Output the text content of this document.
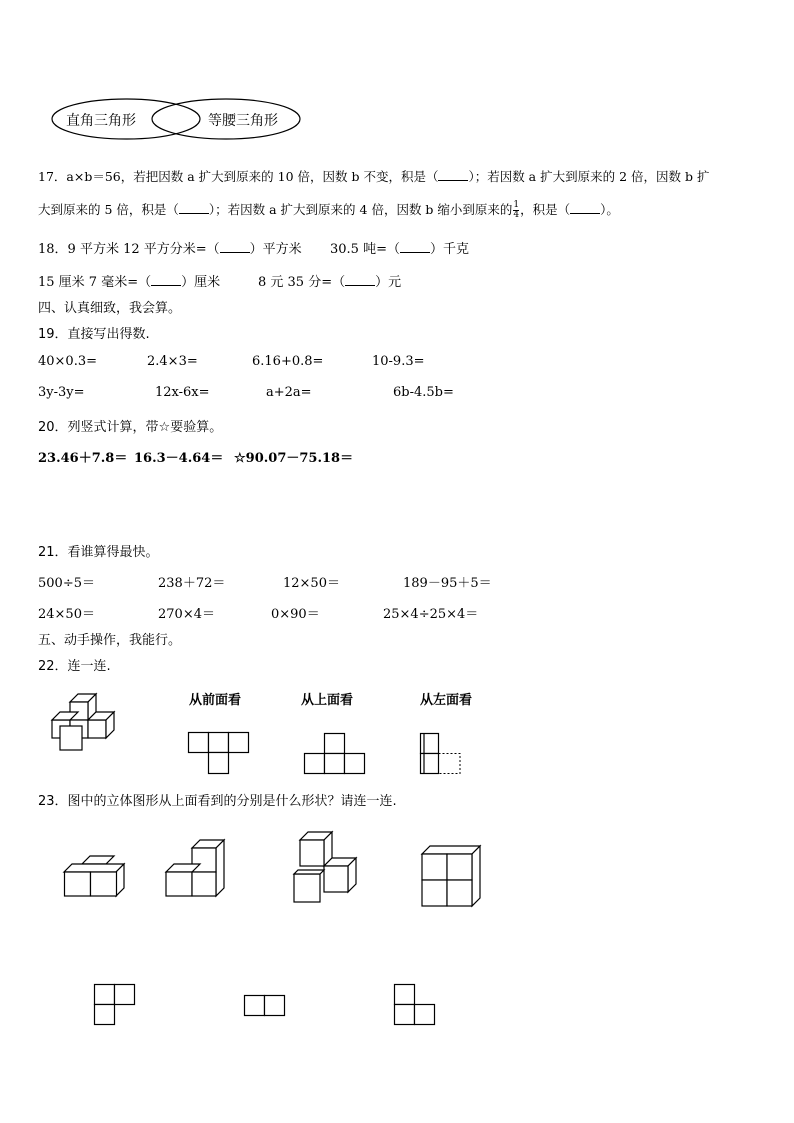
直角三角形	等腰三角形
17．a×b＝56，若把因数 a 扩大到原来的 10 倍，因数 b 不变，积是（ ）；若因数 a 扩大到原来的 2 倍，因数 b 扩
大到原来的 5 倍，积是（ ）；若因数 a 扩大到原来的 4 倍，因数 b 缩小到原来的 $\frac{1}{4}$ ，积是（ ）。
18．9 平方米 12 平方分米=（ ）平方米 30.5 吨=（ ）千克
15 厘米 7 毫米=（ ）厘米	8 元 35 分=（ ）元
四、认真细致，我会算。
19．直接写出得数.
40×0.3=	2.4×3=	6.16+0.8=	10-9.3=
3y-3y=	12x-6x=	a+2a=	6b-4.5b=
20．列竖式计算，带☆要验算。
23.46＋7.8＝ 16.3－4.64＝ ☆90.07－75.18＝
21．看谁算得最快。
500÷5＝	238＋72＝	12×50＝	189－95＋5＝
24×50＝	270×4＝	0×90＝	25×4÷25×4＝
五、动手操作，我能行。
22．连一连.
从前面看	从上面看	从左面看
23．图中的立体图形从上面看到的分别是什么形状？请连一连.
